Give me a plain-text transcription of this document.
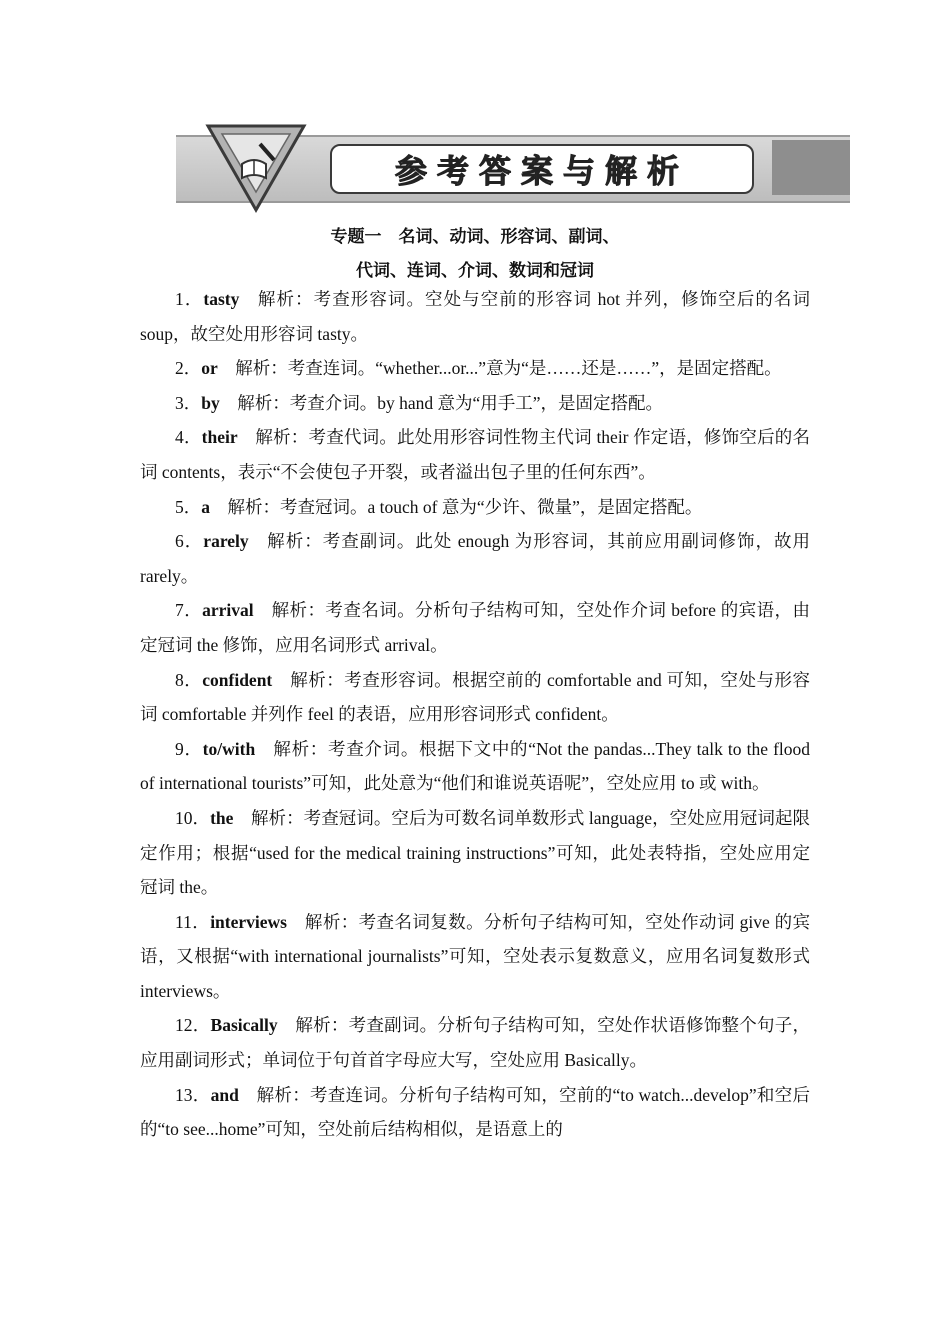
参考答案与解析
专题一　名词、动词、形容词、副词、
代词、连词、介词、数词和冠词

1．tasty 解析：考查形容词。空处与空前的形容词 hot 并列，修饰空后的名词 soup，故空处用形容词 tasty。

2．or 解析：考查连词。“whether...or...”意为“是……还是……”，是固定搭配。

3．by 解析：考查介词。by hand 意为“用手工”，是固定搭配。

4．their 解析：考查代词。此处用形容词性物主代词 their 作定语，修饰空后的名词 contents，表示“不会使包子开裂，或者溢出包子里的任何东西”。

5．a 解析：考查冠词。a touch of 意为“少许、微量”，是固定搭配。

6．rarely 解析：考查副词。此处 enough 为形容词，其前应用副词修饰，故用 rarely。

7．arrival 解析：考查名词。分析句子结构可知，空处作介词 before 的宾语，由定冠词 the 修饰，应用名词形式 arrival。

8．confident 解析：考查形容词。根据空前的 comfortable and 可知，空处与形容词 comfortable 并列作 feel 的表语，应用形容词形式 confident。

9．to/with 解析：考查介词。根据下文中的“Not the pandas...They talk to the flood of international tourists”可知，此处意为“他们和谁说英语呢”，空处应用 to 或 with。

10．the 解析：考查冠词。空后为可数名词单数形式 language，空处应用冠词起限定作用；根据“used for the medical training instructions”可知，此处表特指，空处应用定冠词 the。

11．interviews 解析：考查名词复数。分析句子结构可知，空处作动词 give 的宾语，又根据“with international journalists”可知，空处表示复数意义，应用名词复数形式 interviews。

12．Basically 解析：考查副词。分析句子结构可知，空处作状语修饰整个句子，应用副词形式；单词位于句首首字母应大写，空处应用 Basically。

13．and 解析：考查连词。分析句子结构可知，空前的“to watch...develop”和空后的“to see...home”可知，空处前后结构相似，是语意上的
